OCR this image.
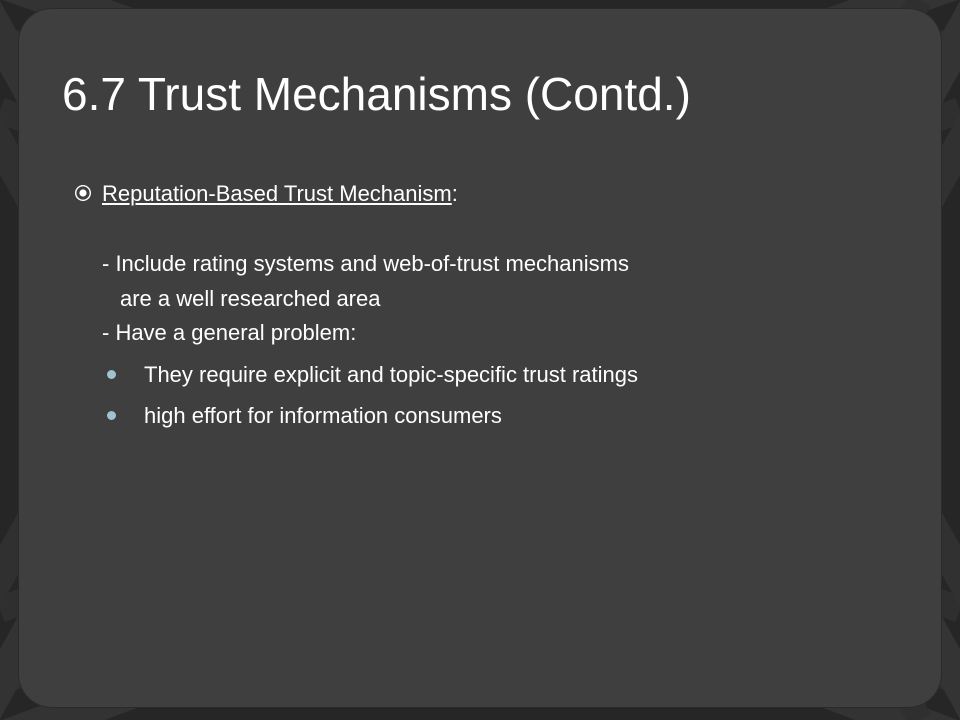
6.7 Trust Mechanisms (Contd.)
Reputation-Based Trust Mechanism:
- Include rating systems and web-of-trust mechanisms
are a well researched area
- Have a general problem:
They require explicit and topic-specific trust ratings
high effort for information consumers
